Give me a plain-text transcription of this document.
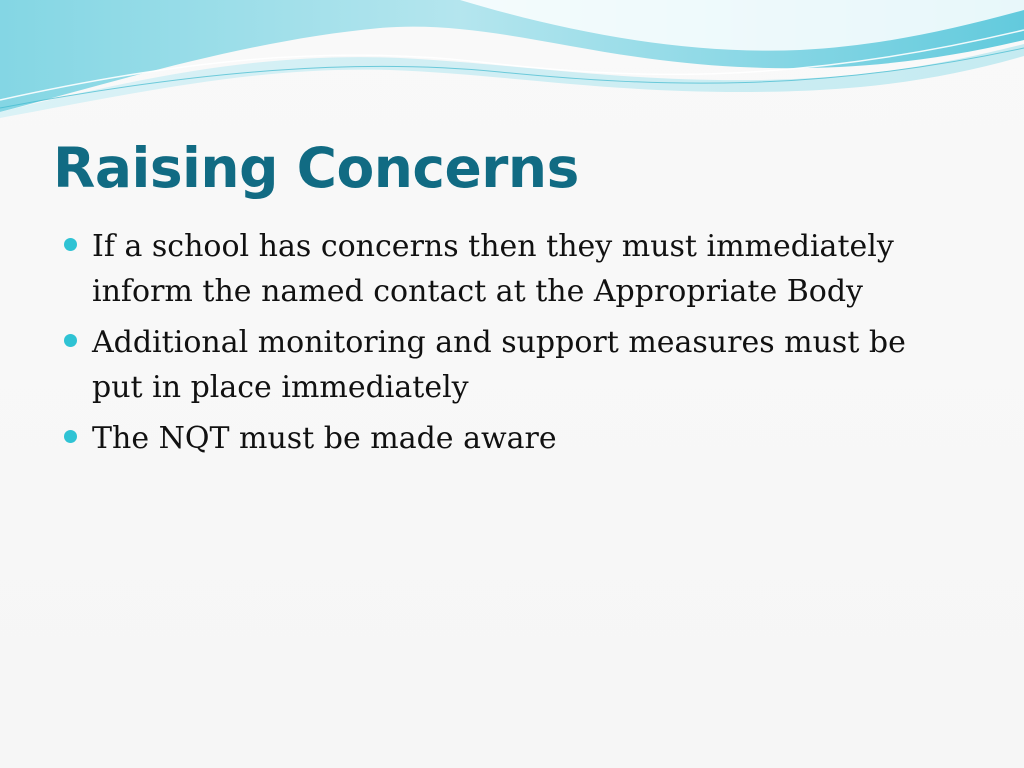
Raising Concerns
If a school has concerns then they must immediately inform the named contact at the Appropriate Body
Additional monitoring and support measures must be put in place immediately
The NQT must be made aware
